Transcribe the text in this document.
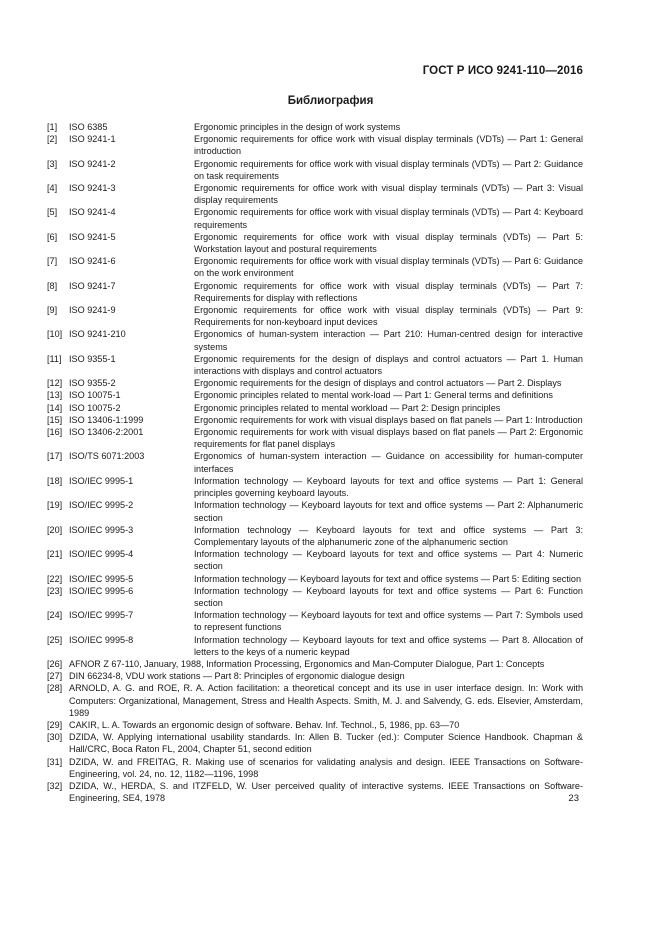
ГОСТ Р ИСО 9241-110—2016
Библиография
[1]	ISO 6385	Ergonomic principles in the design of work systems
[2]	ISO 9241-1	Ergonomic requirements for office work with visual display terminals (VDTs) — Part 1: General introduction
[3]	ISO 9241-2	Ergonomic requirements for office work with visual display terminals (VDTs) — Part 2: Guidance on task requirements
[4]	ISO 9241-3	Ergonomic requirements for office work with visual display terminals (VDTs) — Part 3: Visual display requirements
[5]	ISO 9241-4	Ergonomic requirements for office work with visual display terminals (VDTs) — Part 4: Keyboard requirements
[6]	ISO 9241-5	Ergonomic requirements for office work with visual display terminals (VDTs) — Part 5: Workstation layout and postural requirements
[7]	ISO 9241-6	Ergonomic requirements for office work with visual display terminals (VDTs) — Part 6: Guidance on the work environment
[8]	ISO 9241-7	Ergonomic requirements for office work with visual display terminals (VDTs) — Part 7: Requirements for display with reflections
[9]	ISO 9241-9	Ergonomic requirements for office work with visual display terminals (VDTs) — Part 9: Requirements for non-keyboard input devices
[10] ISO 9241-210	Ergonomics of human-system interaction — Part 210: Human-centred design for interactive systems
[11] ISO 9355-1	Ergonomic requirements for the design of displays and control actuators — Part 1. Human interactions with displays and control actuators
[12] ISO 9355-2	Ergonomic requirements for the design of displays and control actuators — Part 2. Displays
[13] ISO 10075-1	Ergonomic principles related to mental work-load — Part 1: General terms and definitions
[14] ISO 10075-2	Ergonomic principles related to mental workload — Part 2: Design principles
[15] ISO 13406-1:1999	Ergonomic requirements for work with visual displays based on flat panels — Part 1: Introduction
[16] ISO 13406-2:2001	Ergonomic requirements for work with visual displays based on flat panels — Part 2: Ergonomic requirements for flat panel displays
[17] ISO/TS 6071:2003	Ergonomics of human-system interaction — Guidance on accessibility for human-computer interfaces
[18] ISO/IEC 9995-1	Information technology — Keyboard layouts for text and office systems — Part 1: General principles governing keyboard layouts.
[19] ISO/IEC 9995-2	Information technology — Keyboard layouts for text and office systems — Part 2: Alphanumeric section
[20] ISO/IEC 9995-3	Information technology — Keyboard layouts for text and office systems — Part 3: Complementary layouts of the alphanumeric zone of the alphanumeric section
[21] ISO/IEC 9995-4	Information technology — Keyboard layouts for text and office systems — Part 4: Numeric section
[22] ISO/IEC 9995-5	Information technology — Keyboard layouts for text and office systems — Part 5: Editing section
[23] ISO/IEC 9995-6	Information technology — Keyboard layouts for text and office systems — Part 6: Function section
[24] ISO/IEC 9995-7	Information technology — Keyboard layouts for text and office systems — Part 7: Symbols used to represent functions
[25] ISO/IEC 9995-8	Information technology — Keyboard layouts for text and office systems — Part 8. Allocation of letters to the keys of a numeric keypad
[26] AFNOR Z 67-110, January, 1988, Information Processing, Ergonomics and Man-Computer Dialogue, Part 1: Concepts
[27] DIN 66234-8, VDU work stations — Part 8: Principles of ergonomic dialogue design
[28] ARNOLD, A. G. and ROE, R. A. Action facilitation: a theoretical concept and its use in user interface design. In: Work with Computers: Organizational, Management, Stress and Health Aspects. Smith, M. J. and Salvendy, G. eds. Elsevier, Amsterdam, 1989
[29] CAKIR, L. A. Towards an ergonomic design of software. Behav. Inf. Technol., 5, 1986, pp. 63—70
[30] DZIDA, W. Applying international usability standards. In: Allen B. Tucker (ed.): Computer Science Handbook. Chapman & Hall/CRC, Boca Raton FL, 2004, Chapter 51, second edition
[31] DZIDA, W. and FREITAG, R. Making use of scenarios for validating analysis and design. IEEE Transactions on Software-Engineering, vol. 24, no. 12, 1182—1196, 1998
[32] DZIDA, W., HERDA, S. and ITZFELD, W. User perceived quality of interactive systems. IEEE Transactions on Software-Engineering, SE4, 1978	23
